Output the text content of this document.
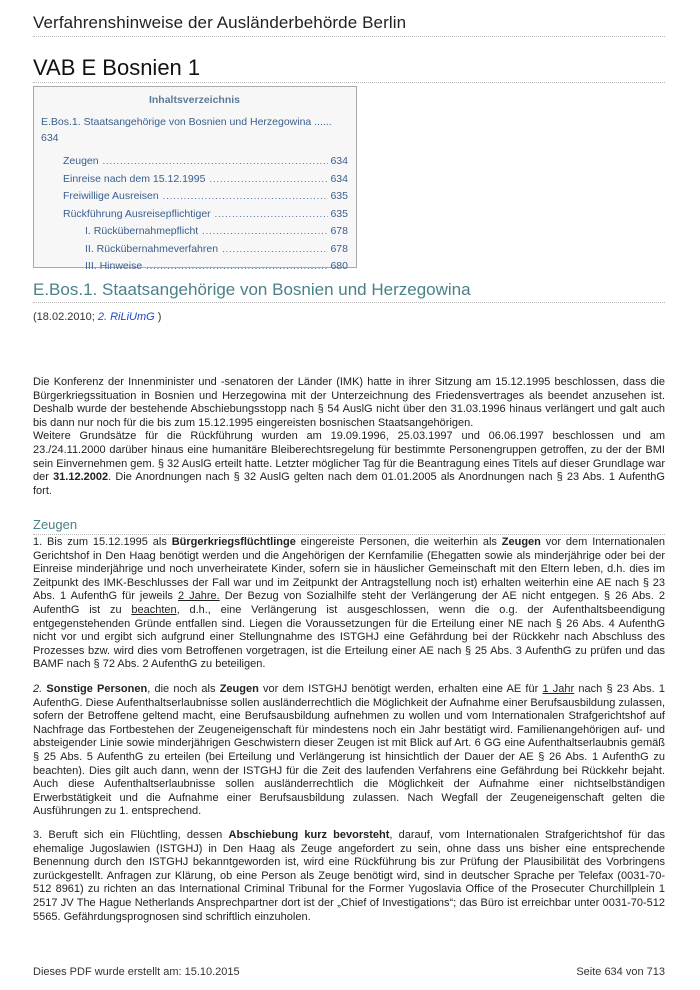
Verfahrenshinweise der Ausländerbehörde Berlin
VAB E Bosnien 1
Inhaltsverzeichnis
E.Bos.1. Staatsangehörige von Bosnien und Herzegowina ......
634
Zeugen .....	634
Einreise nach dem 15.12.1995 .....	634
Freiwillige Ausreisen .....	635
Rückführung Ausreisepflichtiger .....	635
I. Rückübernahmepflicht .....	678
II. Rückübernahmeverfahren .....	678
III. Hinweise .....	680
E.Bos.1. Staatsangehörige von Bosnien und Herzegowina
(18.02.2010; 2. RiLiUmG )
Die Konferenz der Innenminister und -senatoren der Länder (IMK) hatte in ihrer Sitzung am 15.12.1995 beschlossen, dass die Bürgerkriegssituation in Bosnien und Herzegowina mit der Unterzeichnung des Friedensvertrages als beendet anzusehen ist. Deshalb wurde der bestehende Abschiebungsstopp nach § 54 AuslG nicht über den 31.03.1996 hinaus verlängert und galt auch bis dann nur noch für die bis zum 15.12.1995 eingereisten bosnischen Staatsangehörigen.
Weitere Grundsätze für die Rückführung wurden am 19.09.1996, 25.03.1997 und 06.06.1997 beschlossen und am 23./24.11.2000 darüber hinaus eine humanitäre Bleiberechtsregelung für bestimmte Personengruppen getroffen, zu der der BMI sein Einvernehmen gem. § 32 AuslG erteilt hatte. Letzter möglicher Tag für die Beantragung eines Titels auf dieser Grundlage war der 31.12.2002. Die Anordnungen nach § 32 AuslG gelten nach dem 01.01.2005 als Anordnungen nach § 23 Abs. 1 AufenthG fort.
Zeugen
1. Bis zum 15.12.1995 als Bürgerkriegsflüchtlinge eingereiste Personen, die weiterhin als Zeugen vor dem Internationalen Gerichtshof in Den Haag benötigt werden und die Angehörigen der Kernfamilie (Ehegatten sowie als minderjährige oder bei der Einreise minderjährige und noch unverheiratete Kinder, sofern sie in häuslicher Gemeinschaft mit den Eltern leben, d.h. dies im Zeitpunkt des IMK-Beschlusses der Fall war und im Zeitpunkt der Antragstellung noch ist) erhalten weiterhin eine AE nach § 23 Abs. 1 AufenthG für jeweils 2 Jahre. Der Bezug von Sozialhilfe steht der Verlängerung der AE nicht entgegen. § 26 Abs. 2 AufenthG ist zu beachten, d.h., eine Verlängerung ist ausgeschlossen, wenn die o.g. der Aufenthaltsbeendigung entgegenstehenden Gründe entfallen sind. Liegen die Voraussetzungen für die Erteilung einer NE nach § 26 Abs. 4 AufenthG nicht vor und ergibt sich aufgrund einer Stellungnahme des ISTGHJ eine Gefährdung bei der Rückkehr nach Abschluss des Prozesses bzw. wird dies vom Betroffenen vorgetragen, ist die Erteilung einer AE nach § 25 Abs. 3 AufenthG zu prüfen und das BAMF nach § 72 Abs. 2 AufenthG zu beteiligen.
2. Sonstige Personen, die noch als Zeugen vor dem ISTGHJ benötigt werden, erhalten eine AE für 1 Jahr nach § 23 Abs. 1 AufenthG. Diese Aufenthaltserlaubnisse sollen ausländerrechtlich die Möglichkeit der Aufnahme einer Berufsausbildung zulassen, sofern der Betroffene geltend macht, eine Berufsausbildung aufnehmen zu wollen und vom Internationalen Strafgerichtshof auf Nachfrage das Fortbestehen der Zeugeneigenschaft für mindestens noch ein Jahr bestätigt wird. Familienangehörigen auf- und absteigender Linie sowie minderjährigen Geschwistern dieser Zeugen ist mit Blick auf Art. 6 GG eine Aufenthaltserlaubnis gemäß § 25 Abs. 5 AufenthG zu erteilen (bei Erteilung und Verlängerung ist hinsichtlich der Dauer der AE § 26 Abs. 1 AufenthG zu beachten). Dies gilt auch dann, wenn der ISTGHJ für die Zeit des laufenden Verfahrens eine Gefährdung bei Rückkehr bejaht. Auch diese Aufenthaltserlaubnisse sollen ausländerrechtlich die Möglichkeit der Aufnahme einer nichtselbständigen Erwerbstätigkeit und die Aufnahme einer Berufsausbildung zulassen. Nach Wegfall der Zeugeneigenschaft gelten die Ausführungen zu 1. entsprechend.
3. Beruft sich ein Flüchtling, dessen Abschiebung kurz bevorsteht, darauf, vom Internationalen Strafgerichtshof für das ehemalige Jugoslawien (ISTGHJ) in Den Haag als Zeuge angefordert zu sein, ohne dass uns bisher eine entsprechende Benennung durch den ISTGHJ bekanntgeworden ist, wird eine Rückführung bis zur Prüfung der Plausibilität des Vorbringens zurückgestellt. Anfragen zur Klärung, ob eine Person als Zeuge benötigt wird, sind in deutscher Sprache per Telefax (0031-70-512 8961) zu richten an das International Criminal Tribunal for the Former Yugoslavia Office of the Prosecuter Churchillplein 1 2517 JV The Hague Netherlands Ansprechpartner dort ist der „Chief of Investigations“; das Büro ist erreichbar unter 0031-70-512 5565. Gefährdungsprognosen sind schriftlich einzuholen.
Dieses PDF wurde erstellt am: 15.10.2015	Seite 634 von 713
